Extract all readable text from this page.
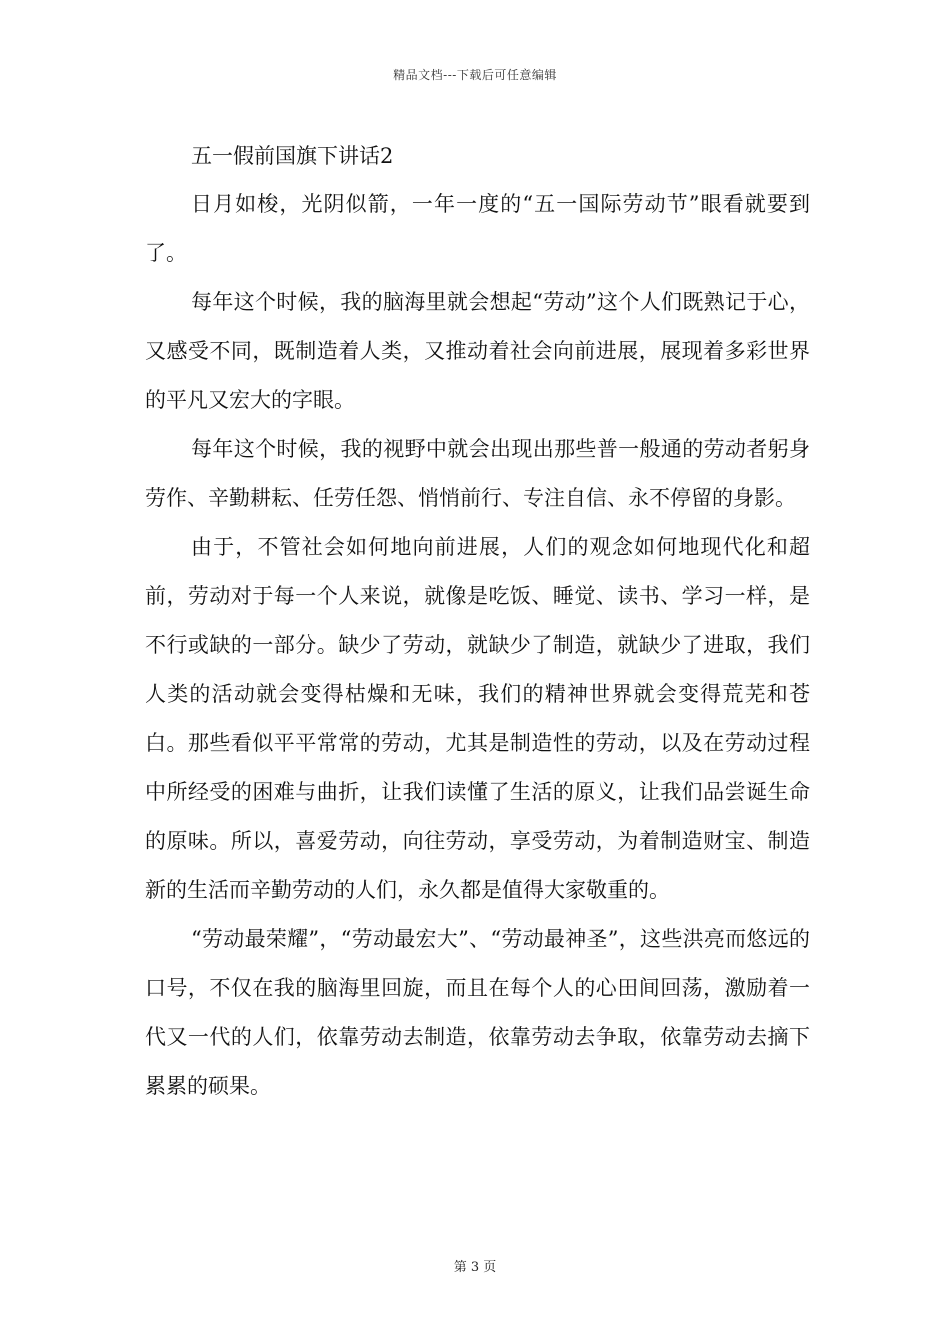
精品文档---下载后可任意编辑
五一假前国旗下讲话2

日月如梭，光阴似箭，一年一度的“五一国际劳动节”眼看就要到了。

每年这个时候，我的脑海里就会想起“劳动”这个人们既熟记于心，又感受不同，既制造着人类，又推动着社会向前进展，展现着多彩世界的平凡又宏大的字眼。

每年这个时候，我的视野中就会出现出那些普一般通的劳动者躬身劳作、辛勤耕耘、任劳任怨、悄悄前行、专注自信、永不停留的身影。

由于，不管社会如何地向前进展，人们的观念如何地现代化和超前，劳动对于每一个人来说，就像是吃饭、睡觉、读书、学习一样，是不行或缺的一部分。缺少了劳动，就缺少了制造，就缺少了进取，我们人类的活动就会变得枯燥和无味，我们的精神世界就会变得荒芜和苍白。那些看似平平常常的劳动，尤其是制造性的劳动，以及在劳动过程中所经受的困难与曲折，让我们读懂了生活的原义，让我们品尝诞生命的原味。所以，喜爱劳动，向往劳动，享受劳动，为着制造财宝、制造新的生活而辛勤劳动的人们，永久都是值得大家敬重的。

“劳动最荣耀”，“劳动最宏大”、“劳动最神圣”，这些洪亮而悠远的口号，不仅在我的脑海里回旋，而且在每个人的心田间回荡，激励着一代又一代的人们，依靠劳动去制造，依靠劳动去争取，依靠劳动去摘下累累的硕果。

第 3 页
